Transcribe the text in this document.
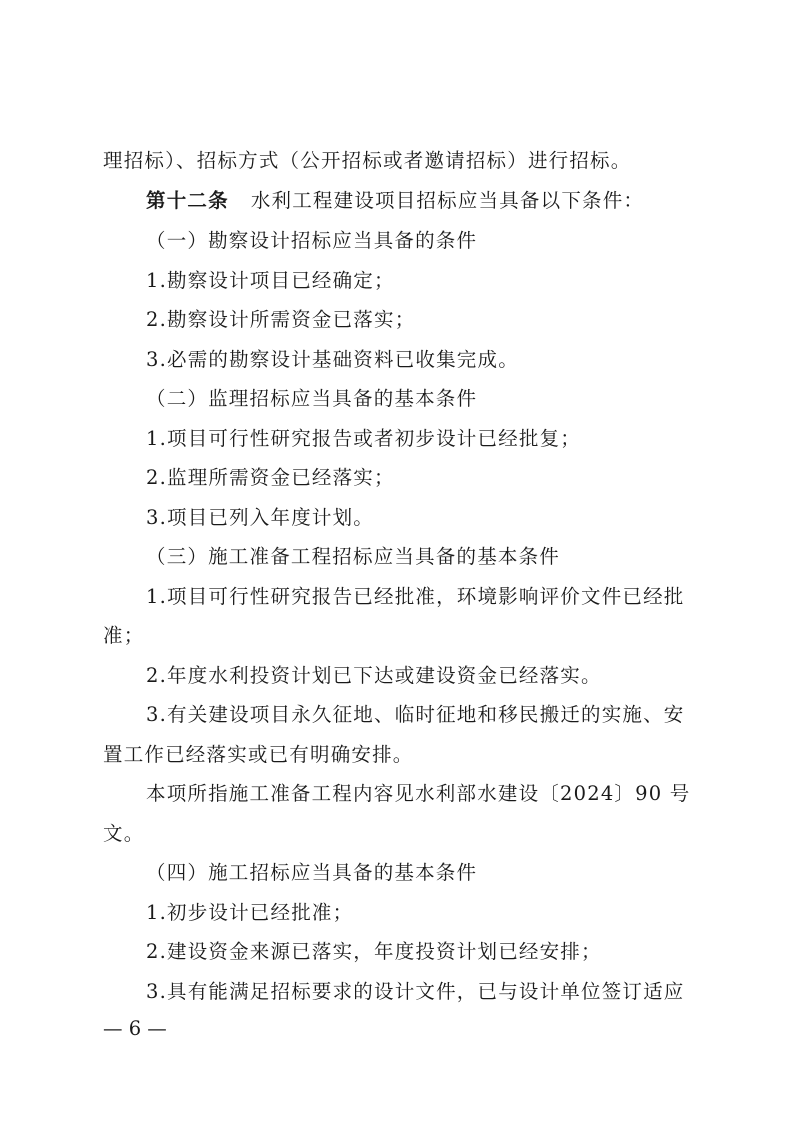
理招标）、招标方式（公开招标或者邀请招标）进行招标。
第十二条 水利工程建设项目招标应当具备以下条件：
（一）勘察设计招标应当具备的条件
1.勘察设计项目已经确定；
2.勘察设计所需资金已落实；
3.必需的勘察设计基础资料已收集完成。
（二）监理招标应当具备的基本条件
1.项目可行性研究报告或者初步设计已经批复；
2.监理所需资金已经落实；
3.项目已列入年度计划。
（三）施工准备工程招标应当具备的基本条件
1.项目可行性研究报告已经批准，环境影响评价文件已经批
准；
2.年度水利投资计划已下达或建设资金已经落实。
3.有关建设项目永久征地、临时征地和移民搬迁的实施、安
置工作已经落实或已有明确安排。
本项所指施工准备工程内容见水利部水建设〔2024〕90 号
文。
（四）施工招标应当具备的基本条件
1.初步设计已经批准；
2.建设资金来源已落实，年度投资计划已经安排；
3.具有能满足招标要求的设计文件，已与设计单位签订适应
— 6 —
